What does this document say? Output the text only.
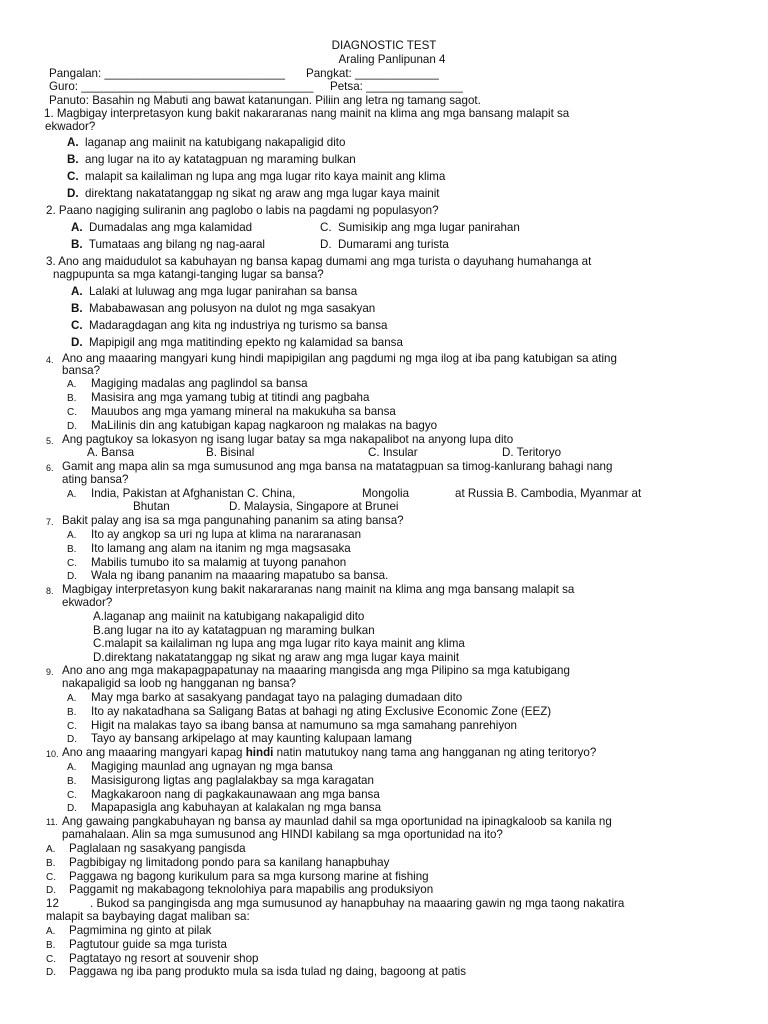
DIAGNOSTIC TEST
Araling Panlipunan 4
Pangalan: ____________________________ Pangkat: _____________
Guro: ____________________________________ Petsa: _______________
Panuto: Basahin ng Mabuti ang bawat katanungan. Piliin ang letra ng tamang sagot.
1. Magbigay interpretasyon kung bakit nakararanas nang mainit na klima ang mga bansang malapit sa
ekwador?
A. laganap ang maiinit na katubigang nakapaligid dito
B. ang lugar na ito ay katatagpuan ng maraming bulkan
C. malapit sa kailaliman ng lupa ang mga lugar rito kaya mainit ang klima
D. direktang nakatatanggap ng sikat ng araw ang mga lugar kaya mainit
2. Paano nagiging suliranin ang paglobo o labis na pagdami ng populasyon?
A. Dumadalas ang mga kalamidad	C. Sumisikip ang mga lugar panirahan
B. Tumataas ang bilang ng nag-aaral	D. Dumarami ang turista
3. Ano ang maidudulot sa kabuhayan ng bansa kapag dumami ang mga turista o dayuhang humahanga at
nagpupunta sa mga katangi-tanging lugar sa bansa?
A. Lalaki at luluwag ang mga lugar panirahan sa bansa
B. Mababawasan ang polusyon na dulot ng mga sasakyan
C. Madaragdagan ang kita ng industriya ng turismo sa bansa
D. Mapipigil ang mga matitinding epekto ng kalamidad sa bansa
4. Ano ang maaaring mangyari kung hindi mapipigilan ang pagdumi ng mga ilog at iba pang katubigan sa ating
bansa?
A. Magiging madalas ang paglindol sa bansa
B. Masisira ang mga yamang tubig at titindi ang pagbaha
C. Mauubos ang mga yamang mineral na makukuha sa bansa
D. MaLilinis din ang katubigan kapag nagkaroon ng malakas na bagyo
5. Ang pagtukoy sa lokasyon ng isang lugar batay sa mga nakapalibot na anyong lupa dito
A. Bansa	B. Bisinal	C. Insular	D. Teritoryo
6. Gamit ang mapa alin sa mga sumusunod ang mga bansa na matatagpuan sa timog-kanlurang bahagi nang
ating bansa?
A. India, Pakistan at Afghanistan C. China,	Mongolia	at Russia B. Cambodia, Myanmar at
Bhutan	D. Malaysia, Singapore at Brunei
7. Bakit palay ang isa sa mga pangunahing pananim sa ating bansa?
A. Ito ay angkop sa uri ng lupa at klima na nararanasan
B. Ito lamang ang alam na itanim ng mga magsasaka
C. Mabilis tumubo ito sa malamig at tuyong panahon
D. Wala ng ibang pananim na maaaring mapatubo sa bansa.
8. Magbigay interpretasyon kung bakit nakararanas nang mainit na klima ang mga bansang malapit sa
ekwador?
A.laganap ang maiinit na katubigang nakapaligid dito
B.ang lugar na ito ay katatagpuan ng maraming bulkan
C.malapit sa kailaliman ng lupa ang mga lugar rito kaya mainit ang klima
D.direktang nakatatanggap ng sikat ng araw ang mga lugar kaya mainit
9. Ano ano ang mga makapagpapatunay na maaaring mangisda ang mga Pilipino sa mga katubigang
nakapaligid sa loob ng hangganan ng bansa?
A. May mga barko at sasakyang pandagat tayo na palaging dumadaan dito
B. Ito ay nakatadhana sa Saligang Batas at bahagi ng ating Exclusive Economic Zone (EEZ)
C. Higit na malakas tayo sa ibang bansa at namumuno sa mga samahang panrehiyon
D. Tayo ay bansang arkipelago at may kaunting kalupaan lamang
10. Ano ang maaaring mangyari kapag hindi natin matutukoy nang tama ang hangganan ng ating teritoryo?
A. Magiging maunlad ang ugnayan ng mga bansa
B. Masisigurong ligtas ang paglalakbay sa mga karagatan
C. Magkakaroon nang di pagkakaunawaan ang mga bansa
D. Mapapasigla ang kabuhayan at kalakalan ng mga bansa
11. Ang gawaing pangkabuhayan ng bansa ay maunlad dahil sa mga oportunidad na ipinagkaloob sa kanila ng
pamahalaan. Alin sa mga sumusunod ang HINDI kabilang sa mga oportunidad na ito?
A. Paglalaan ng sasakyang pangisda
B. Pagbibigay ng limitadong pondo para sa kanilang hanapbuhay
C. Paggawa ng bagong kurikulum para sa mga kursong marine at fishing
D. Paggamit ng makabagong teknolohiya para mapabilis ang produksiyon
12	. Bukod sa pangingisda ang mga sumusunod ay hanapbuhay na maaaring gawin ng mga taong nakatira
malapit sa baybaying dagat maliban sa:
A. Pagmimina ng ginto at pilak
B. Pagtutour guide sa mga turista
C. Pagtatayo ng resort at souvenir shop
D. Paggawa ng iba pang produkto mula sa isda tulad ng daing, bagoong at patis
